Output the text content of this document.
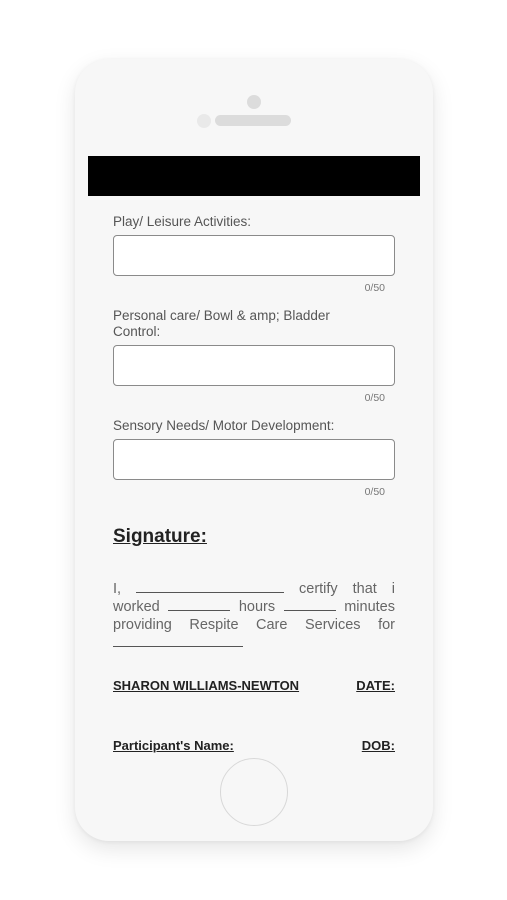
Play/ Leisure Activities:
0/50
Personal care/ Bowl & amp; Bladder Control:
0/50
Sensory Needs/ Motor Development:
0/50
Signature:
I,	certify that i worked	hours	minutes providing Respite Care Services for
SHARON WILLIAMS-NEWTON	DATE:
Participant's Name:	DOB:
